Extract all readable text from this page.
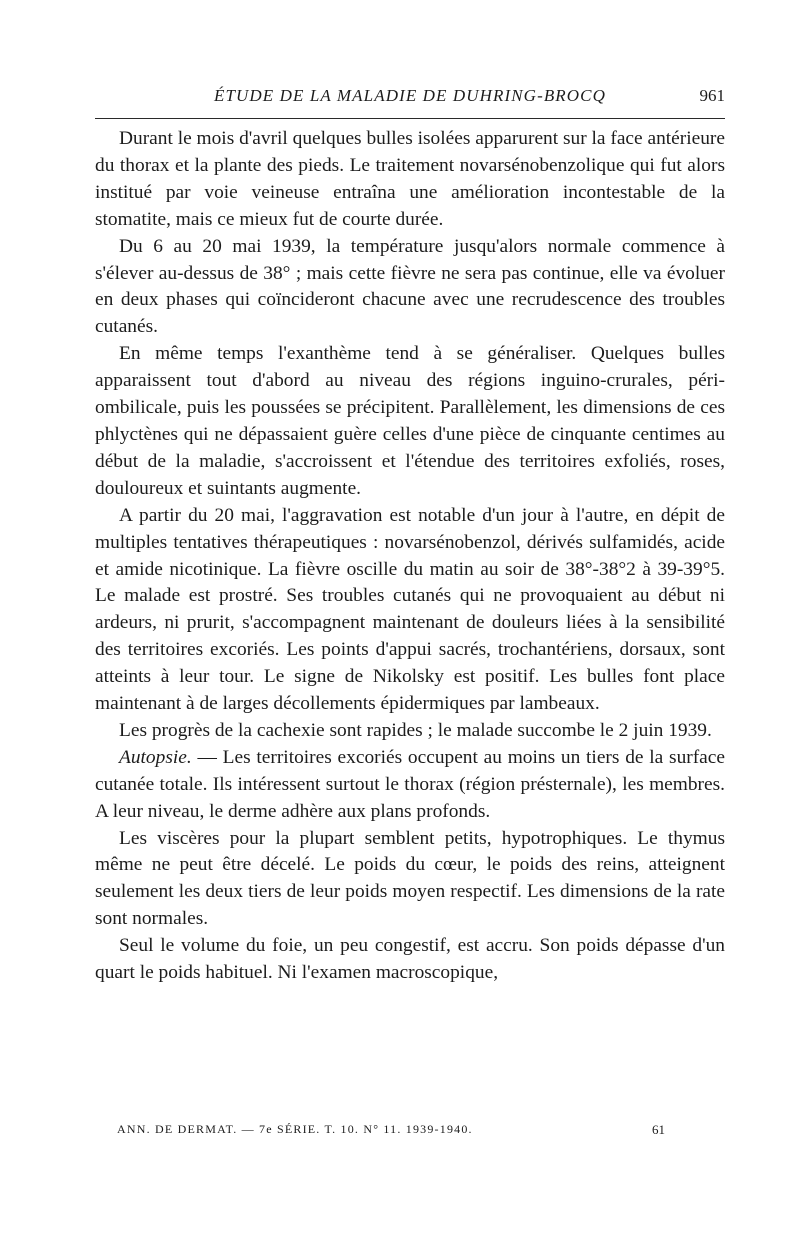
ÉTUDE DE LA MALADIE DE DUHRING-BROCQ	961

Durant le mois d'avril quelques bulles isolées apparurent sur la face antérieure du thorax et la plante des pieds. Le traitement novarsénobenzolique qui fut alors institué par voie veineuse entraîna une amélioration incontestable de la stomatite, mais ce mieux fut de courte durée.

Du 6 au 20 mai 1939, la température jusqu'alors normale commence à s'élever au-dessus de 38° ; mais cette fièvre ne sera pas continue, elle va évoluer en deux phases qui coïncideront chacune avec une recrudescence des troubles cutanés.

En même temps l'exanthème tend à se généraliser. Quelques bulles apparaissent tout d'abord au niveau des régions inguino-crurales, péri-ombilicale, puis les poussées se précipitent. Parallèlement, les dimensions de ces phlyctènes qui ne dépassaient guère celles d'une pièce de cinquante centimes au début de la maladie, s'accroissent et l'étendue des territoires exfoliés, roses, douloureux et suintants augmente.

A partir du 20 mai, l'aggravation est notable d'un jour à l'autre, en dépit de multiples tentatives thérapeutiques : novarsénobenzol, dérivés sulfamidés, acide et amide nicotinique. La fièvre oscille du matin au soir de 38°-38°2 à 39-39°5. Le malade est prostré. Ses troubles cutanés qui ne provoquaient au début ni ardeurs, ni prurit, s'accompagnent maintenant de douleurs liées à la sensibilité des territoires excoriés. Les points d'appui sacrés, trochantériens, dorsaux, sont atteints à leur tour. Le signe de Nikolsky est positif. Les bulles font place maintenant à de larges décollements épidermiques par lambeaux.

Les progrès de la cachexie sont rapides ; le malade succombe le 2 juin 1939.

Autopsie. — Les territoires excoriés occupent au moins un tiers de la surface cutanée totale. Ils intéressent surtout le thorax (région présternale), les membres. A leur niveau, le derme adhère aux plans profonds.

Les viscères pour la plupart semblent petits, hypotrophiques. Le thymus même ne peut être décelé. Le poids du cœur, le poids des reins, atteignent seulement les deux tiers de leur poids moyen respectif. Les dimensions de la rate sont normales.

Seul le volume du foie, un peu congestif, est accru. Son poids dépasse d'un quart le poids habituel. Ni l'examen macroscopique,

ANN. DE DERMAT. — 7e SÉRIE. T. 10. N° 11. 1939-1940.	61
